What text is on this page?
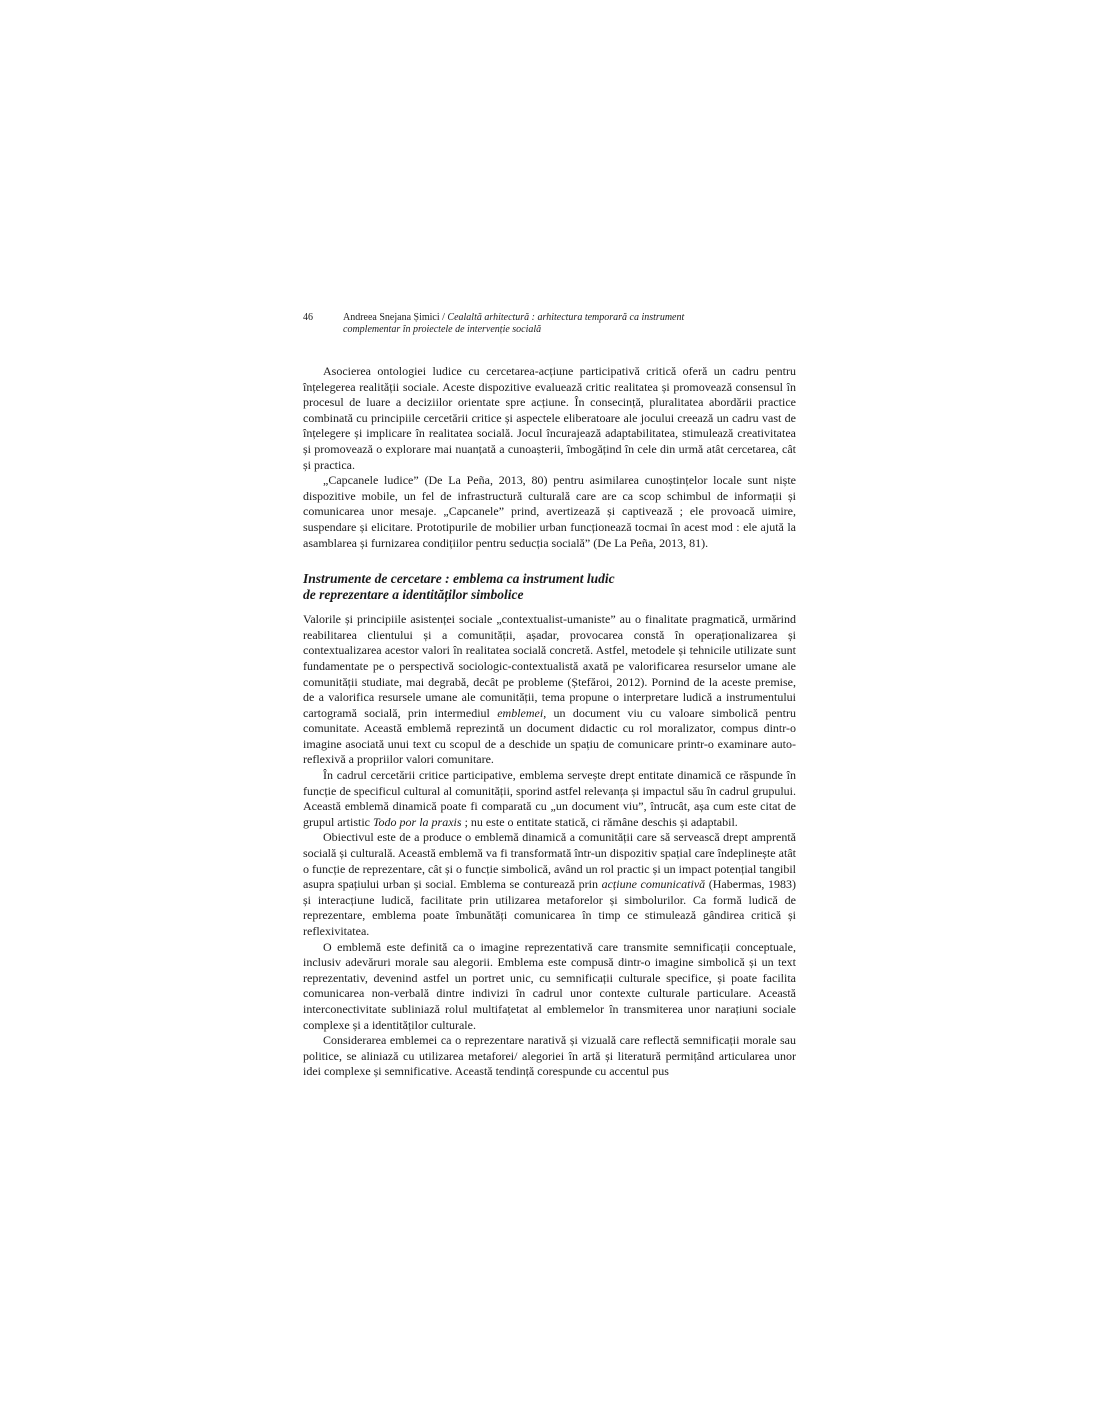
46	Andreea Snejana Șimici / Cealaltă arhitectură : arhitectura temporară ca instrument
complementar în proiectele de intervenție socială

Asocierea ontologiei ludice cu cercetarea-acțiune participativă critică oferă un cadru pentru înțelegerea realității sociale. Aceste dispozitive evaluează critic realitatea și promovează consensul în procesul de luare a deciziilor orientate spre acțiune. În consecință, pluralitatea abordării practice combinată cu principiile cercetării critice și aspectele eliberatoare ale jocului creează un cadru vast de înțelegere și implicare în realitatea socială. Jocul încurajează adaptabilitatea, stimulează creativitatea și promovează o explorare mai nuanțată a cunoașterii, îmbogățind în cele din urmă atât cercetarea, cât și practica.

„Capcanele ludice” (De La Peña, 2013, 80) pentru asimilarea cunoștințelor locale sunt niște dispozitive mobile, un fel de infrastructură culturală care are ca scop schimbul de informații și comunicarea unor mesaje. „Capcanele” prind, avertizează și captivează ; ele provoacă uimire, suspendare și elicitare. Prototipurile de mobilier urban funcționează tocmai în acest mod : ele ajută la asamblarea și furnizarea condițiilor pentru seducția socială” (De La Peña, 2013, 81).

Instrumente de cercetare : emblema ca instrument ludic
de reprezentare a identităților simbolice

Valorile și principiile asistenței sociale „contextualist-umaniste” au o finalitate pragmatică, urmărind reabilitarea clientului și a comunității, așadar, provocarea constă în operaționalizarea și contextualizarea acestor valori în realitatea socială concretă. Astfel, metodele și tehnicile utilizate sunt fundamentate pe o perspectivă sociologic-contextualistă axată pe valorificarea resurselor umane ale comunității studiate, mai degrabă, decât pe probleme (Ștefăroi, 2012). Pornind de la aceste premise, de a valorifica resursele umane ale comunității, tema propune o interpretare ludică a instrumentului cartogramă socială, prin intermediul emblemei, un document viu cu valoare simbolică pentru comunitate. Această emblemă reprezintă un document didactic cu rol moralizator, compus dintr-o imagine asociată unui text cu scopul de a deschide un spațiu de comunicare printr-o examinare auto-reflexivă a propriilor valori comunitare.

În cadrul cercetării critice participative, emblema servește drept entitate dinamică ce răspunde în funcție de specificul cultural al comunității, sporind astfel relevanța și impactul său în cadrul grupului. Această emblemă dinamică poate fi comparată cu „un document viu”, întrucât, așa cum este citat de grupul artistic Todo por la praxis ; nu este o entitate statică, ci rămâne deschis și adaptabil.

Obiectivul este de a produce o emblemă dinamică a comunității care să servească drept amprentă socială și culturală. Această emblemă va fi transformată într-un dispozitiv spațial care îndeplinește atât o funcție de reprezentare, cât și o funcție simbolică, având un rol practic și un impact potențial tangibil asupra spațiului urban și social. Emblema se conturează prin acțiune comunicativă (Habermas, 1983) și interacțiune ludică, facilitate prin utilizarea metaforelor și simbolurilor. Ca formă ludică de reprezentare, emblema poate îmbunătăți comunicarea în timp ce stimulează gândirea critică și reflexivitatea.

O emblemă este definită ca o imagine reprezentativă care transmite semnificații conceptuale, inclusiv adevăruri morale sau alegorii. Emblema este compusă dintr-o imagine simbolică și un text reprezentativ, devenind astfel un portret unic, cu semnificații culturale specifice, și poate facilita comunicarea non-verbală dintre indivizi în cadrul unor contexte culturale particulare. Această interconectivitate subliniază rolul multifațetat al emblemelor în transmiterea unor narațiuni sociale complexe și a identităților culturale.

Considerarea emblemei ca o reprezentare narativă și vizuală care reflectă semnificații morale sau politice, se aliniază cu utilizarea metaforei/ alegoriei în artă și literatură permițând articularea unor idei complexe și semnificative. Această tendință corespunde cu accentul pus
